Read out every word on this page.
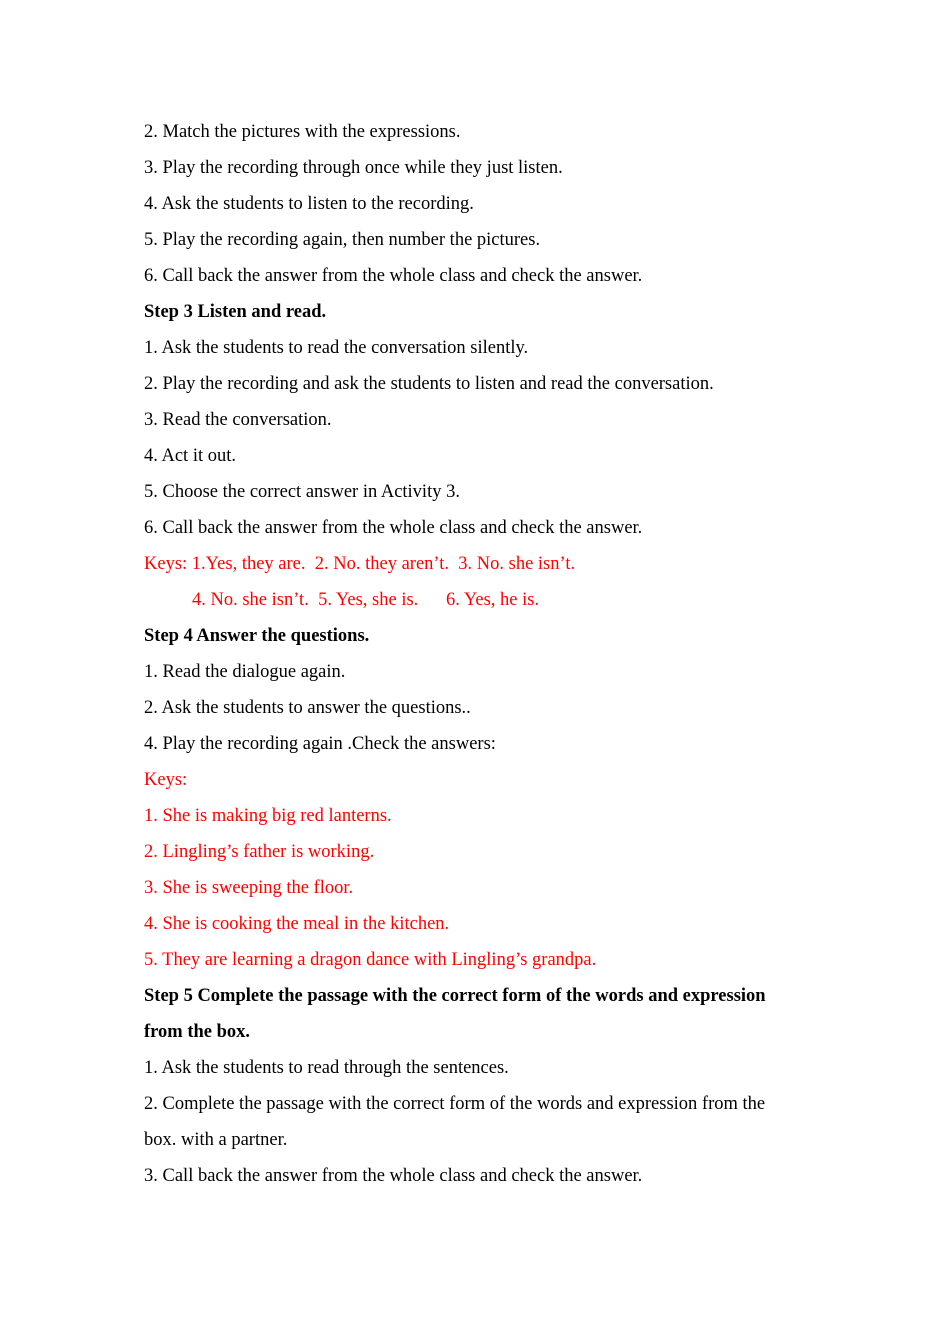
2. Match the pictures with the expressions.

3. Play the recording through once while they just listen.

4. Ask the students to listen to the recording.

5. Play the recording again, then number the pictures.

6. Call back the answer from the whole class and check the answer.

Step 3 Listen and read.

1. Ask the students to read the conversation silently.

2. Play the recording and ask the students to listen and read the conversation.

3. Read the conversation.

4. Act it out.

5. Choose the correct answer in Activity 3.

6. Call back the answer from the whole class and check the answer.

Keys: 1.Yes, they are.  2. No. they aren’t.  3. No. she isn’t.

4. No. she isn’t.  5. Yes, she is.      6. Yes, he is.

Step 4 Answer the questions.

1. Read the dialogue again.

2. Ask the students to answer the questions..

4. Play the recording again .Check the answers:

Keys:

1. She is making big red lanterns.

2. Lingling’s father is working.

3. She is sweeping the floor.

4. She is cooking the meal in the kitchen.

5. They are learning a dragon dance with Lingling’s grandpa.

Step 5 Complete the passage with the correct form of the words and expression

from the box.

1. Ask the students to read through the sentences.

2. Complete the passage with the correct form of the words and expression from the

box. with a partner.

3. Call back the answer from the whole class and check the answer.
